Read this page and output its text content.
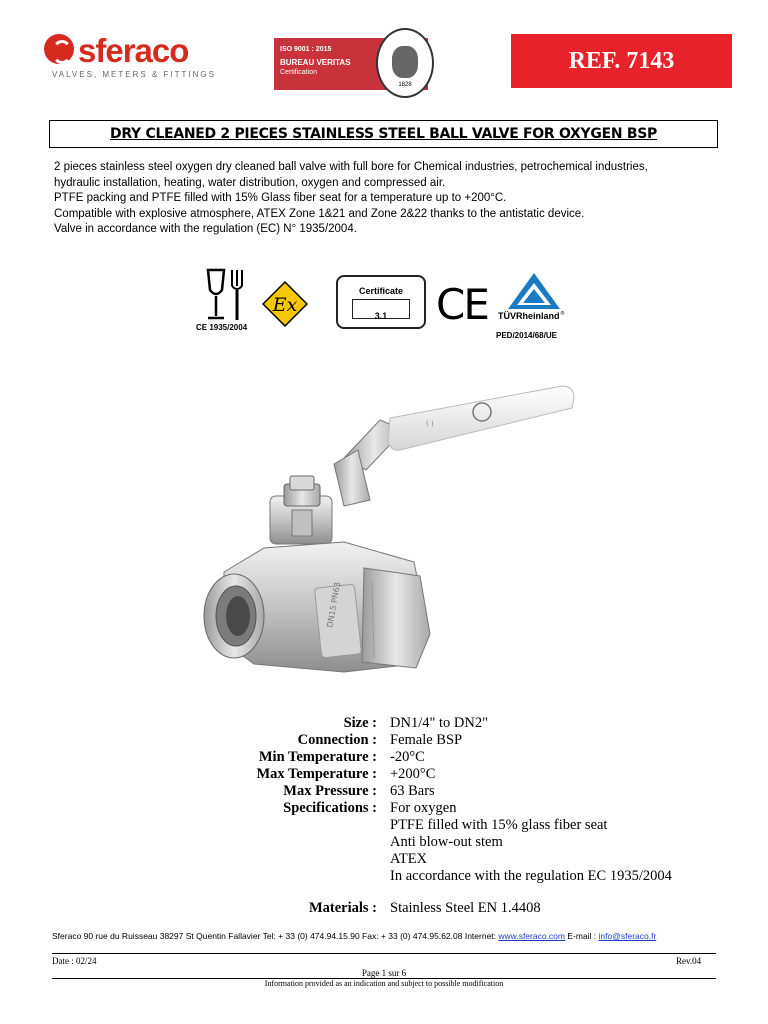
sferaco
VALVES, METERS & FITTINGS
ISO 9001 : 2015
BUREAU VERITAS
Certification
1828
REF. 7143
DRY CLEANED 2 PIECES STAINLESS STEEL BALL VALVE FOR OXYGEN BSP
2 pieces stainless steel oxygen dry cleaned ball valve with full bore for Chemical industries, petrochemical industries,
hydraulic installation, heating, water distribution, oxygen and compressed air.
PTFE packing and PTFE filled with 15% Glass fiber seat for a temperature up to +200°C.
Compatible with explosive atmosphere, ATEX Zone 1&21 and Zone 2&22 thanks to the antistatic device.
Valve in accordance with the regulation (EC) N° 1935/2004.
CE 1935/2004
Ex
Certificate
3.1	CE	®
TÜVRheinland
PED/2014/68/UE
( )
DN15 PN63
Size : DN1/4" to DN2"
Connection : Female BSP
Min Temperature : -20°C
Max Temperature : +200°C
Max Pressure : 63 Bars
Specifications : For oxygen
PTFE filled with 15% glass fiber seat
Anti blow-out stem
ATEX
In accordance with the regulation EC 1935/2004
Materials : Stainless Steel EN 1.4408
Sferaco 90 rue du Ruisseau 38297 St Quentin Fallavier Tel: + 33 (0) 474.94.15.90 Fax: + 33 (0) 474.95.62.08 Internet: www.sferaco.com E-mail : info@sferaco.fr
Date : 02/24	Rev.04
Page 1 sur 6
Information provided as an indication and subject to possible modification
